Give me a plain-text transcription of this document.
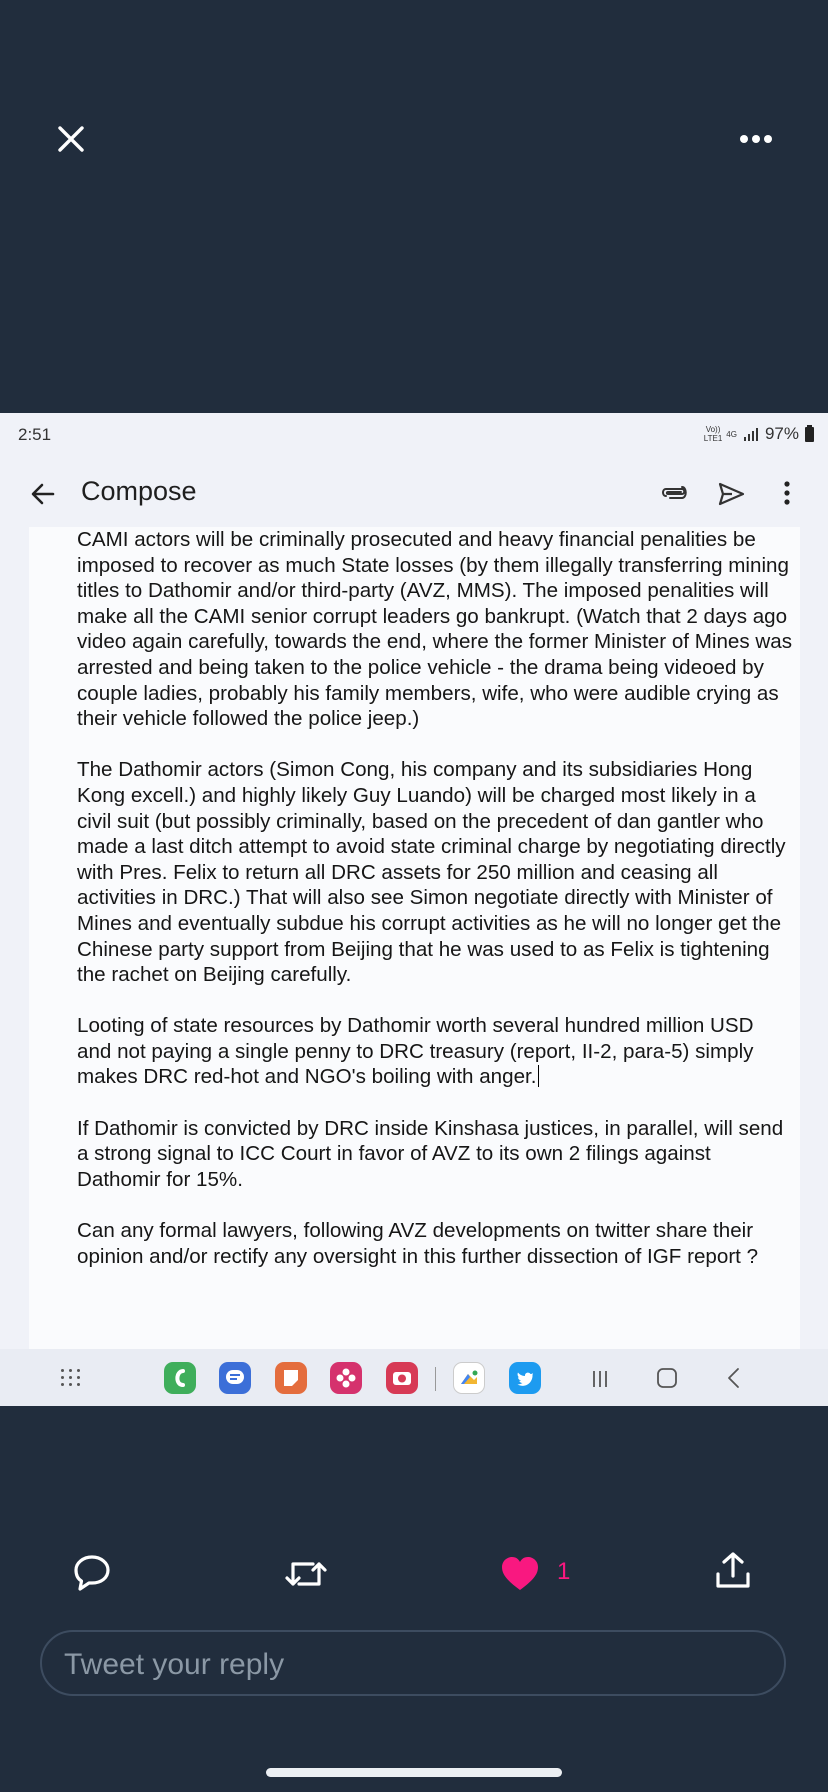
2:51	Vo))
LTE1 4G 97%
Compose

CAMI actors will be criminally prosecuted and heavy financial penalities be imposed to recover as much State losses (by them illegally transferring mining titles to Dathomir and/or third-party (AVZ, MMS). The imposed penalities will make all the CAMI senior corrupt leaders go bankrupt. (Watch that 2 days ago video again carefully, towards the end, where the former Minister of Mines was arrested and being taken to the police vehicle - the drama being videoed by couple ladies, probably his family members, wife, who were audible crying as their vehicle followed the police jeep.)

The Dathomir actors (Simon Cong, his company and its subsidiaries Hong Kong excell.) and highly likely Guy Luando) will be charged most likely in a civil suit (but possibly criminally, based on the precedent of dan gantler who made a last ditch attempt to avoid state criminal charge by negotiating directly with Pres. Felix to return all DRC assets for 250 million and ceasing all activities in DRC.) That will also see Simon negotiate directly with Minister of Mines and eventually subdue his corrupt activities as he will no longer get the Chinese party support from Beijing that he was used to as Felix is tightening the rachet on Beijing carefully.

Looting of state resources by Dathomir worth several hundred million USD and not paying a single penny to DRC treasury (report, II-2, para-5) simply makes DRC red-hot and NGO's boiling with anger.

If Dathomir is convicted by DRC inside Kinshasa justices, in parallel, will send a strong signal to ICC Court in favor of AVZ to its own 2 filings against Dathomir for 15%.

Can any formal lawyers, following AVZ developments on twitter share their opinion and/or rectify any oversight in this further dissection of IGF report ?

1
Tweet your reply
